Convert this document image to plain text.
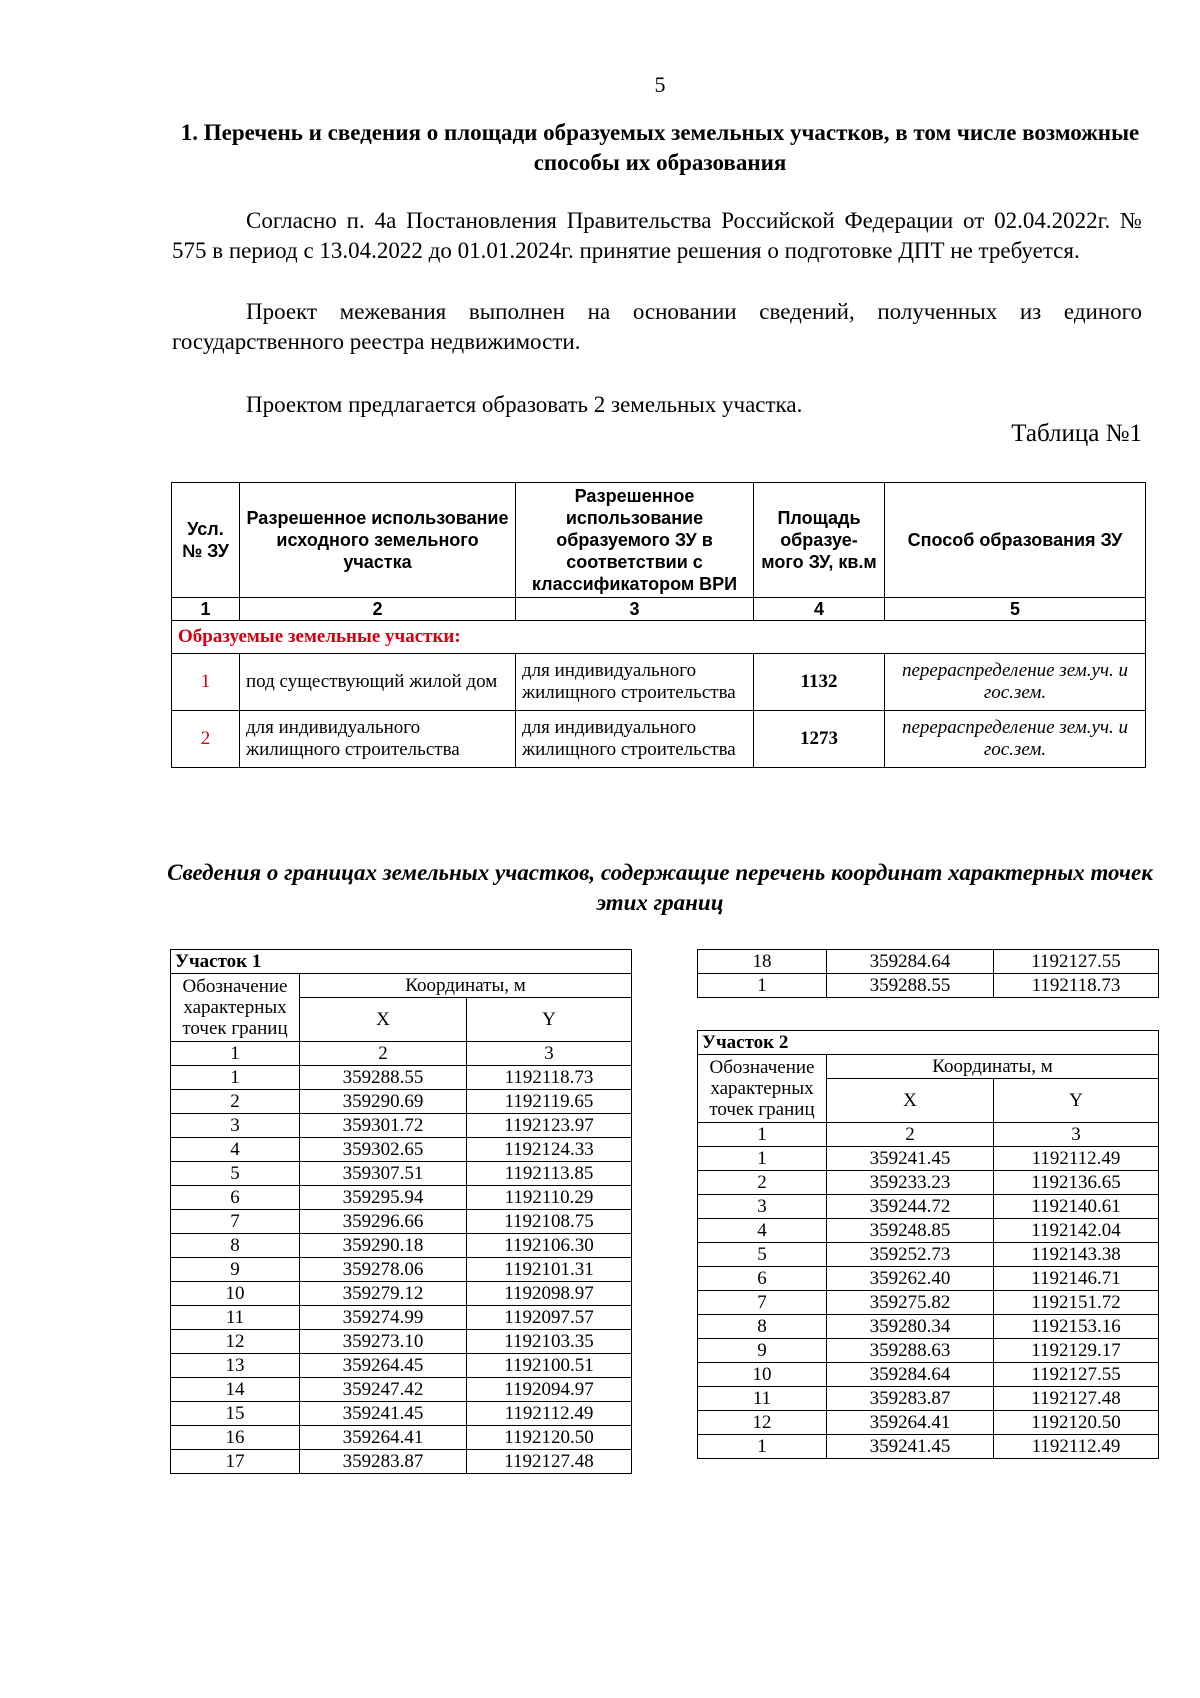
5
1. Перечень и сведения о площади образуемых земельных участков, в том числе возможные способы их образования
Согласно п. 4а Постановления Правительства Российской Федерации от 02.04.2022г. № 575 в период с 13.04.2022 до 01.01.2024г. принятие решения о подготовке ДПТ не требуется.
Проект межевания выполнен на основании сведений, полученных из единого государственного реестра недвижимости.
Проектом предлагается образовать 2 земельных участка.
Таблица №1
Усл. № ЗУ	Разрешенное использование исходного земельного участка	Разрешенное использование образуемого ЗУ в соответствии с классификатором ВРИ	Площадь образуе-мого ЗУ, кв.м	Способ образования ЗУ
1	2	3	4	5
Образуемые земельные участки:				
1	под существующий жилой дом	для индивидуального жилищного строительства	1132	перераспределение зем.уч. и гос.зем.
2	для индивидуального жилищного строительства	для индивидуального жилищного строительства	1273	перераспределение зем.уч. и гос.зем.
Сведения о границах земельных участков, содержащие перечень координат характерных точек этих границ
Участок 1		
Обозначение характерных точек границ	Координаты, м	
	X	Y
1	2	3
1	359288.55	1192118.73
2	359290.69	1192119.65
3	359301.72	1192123.97
4	359302.65	1192124.33
5	359307.51	1192113.85
6	359295.94	1192110.29
7	359296.66	1192108.75
8	359290.18	1192106.30
9	359278.06	1192101.31
10	359279.12	1192098.97
11	359274.99	1192097.57
12	359273.10	1192103.35
13	359264.45	1192100.51
14	359247.42	1192094.97
15	359241.45	1192112.49
16	359264.41	1192120.50
17	359283.87	1192127.48
18	359284.64	1192127.55
1	359288.55	1192118.73
Участок 2		
Обозначение характерных точек границ	Координаты, м	
	X	Y
1	2	3
1	359241.45	1192112.49
2	359233.23	1192136.65
3	359244.72	1192140.61
4	359248.85	1192142.04
5	359252.73	1192143.38
6	359262.40	1192146.71
7	359275.82	1192151.72
8	359280.34	1192153.16
9	359288.63	1192129.17
10	359284.64	1192127.55
11	359283.87	1192127.48
12	359264.41	1192120.50
1	359241.45	1192112.49
